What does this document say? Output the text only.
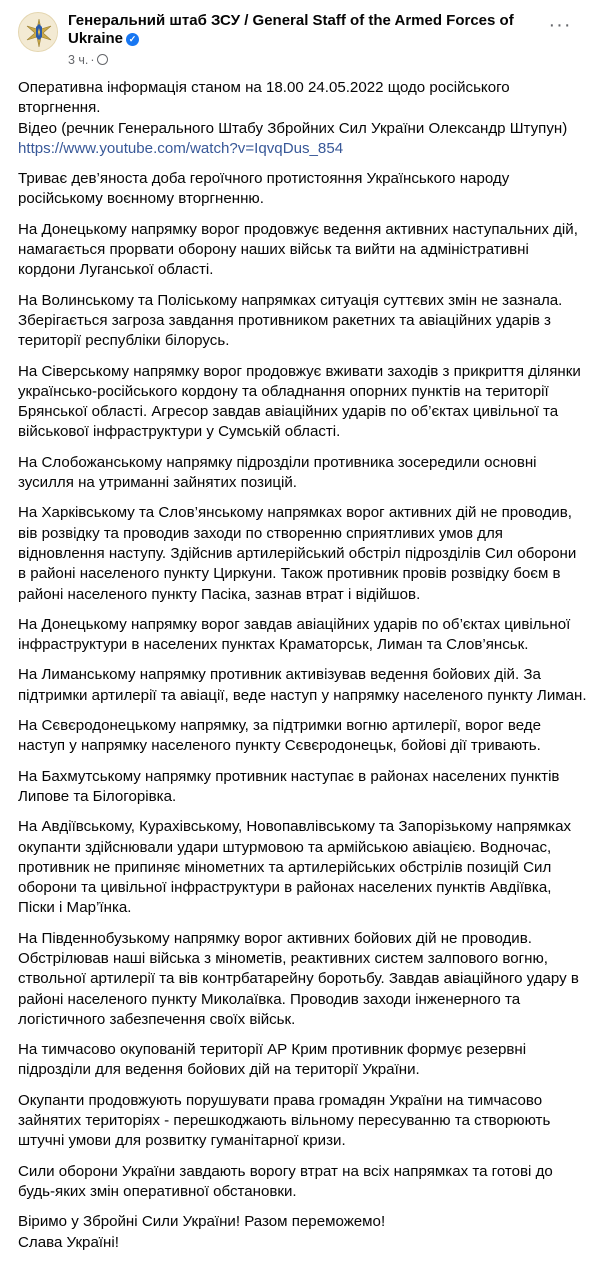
Генеральний штаб ЗСУ / General Staff of the Armed Forces of Ukraine ✓
3 ч. ·
···

Оперативна інформація станом на 18.00 24.05.2022 щодо російського вторгнення.
Відео (речник Генерального Штабу Збройних Сил України Олександр Штупун)
https://www.youtube.com/watch?v=IqvqDus_854

Триває дев’яноста доба героїчного протистояння Українського народу російському воєнному вторгненню.

На Донецькому напрямку ворог продовжує ведення активних наступальних дій, намагається прорвати оборону наших військ та вийти на адміністративні кордони Луганської області.

На Волинському та Поліському напрямках ситуація суттєвих змін не зазнала. Зберігається загроза завдання противником ракетних та авіаційних ударів з території республіки білорусь.

На Сіверському напрямку ворог продовжує вживати заходів з прикриття ділянки українсько-російського кордону та обладнання опорних пунктів на території Брянської області. Агресор завдав авіаційних ударів по об’єктах цивільної та військової інфраструктури у Сумській області.

На Слобожанському напрямку підрозділи противника зосередили основні зусилля на утриманні зайнятих позицій.

На Харківському та Слов’янському напрямках ворог активних дій не проводив, вів розвідку та проводив заходи по створенню сприятливих умов для відновлення наступу. Здійснив артилерійський обстріл підрозділів Сил оборони в районі населеного пункту Циркуни. Також противник провів розвідку боєм в районі населеного пункту Пасіка, зазнав втрат і відійшов.

На Донецькому напрямку ворог завдав авіаційних ударів по об’єктах цивільної інфраструктури в населених пунктах Краматорськ, Лиман та Слов’янськ.

На Лиманському напрямку противник активізував ведення бойових дій. За підтримки артилерії та авіації, веде наступ у напрямку населеного пункту Лиман.

На Сєвєродонецькому напрямку, за підтримки вогню артилерії, ворог веде наступ у напрямку населеного пункту Сєвєродонецьк, бойові дії тривають.

На Бахмутському напрямку противник наступає в районах населених пунктів Липове та Білогорівка.

На Авдіївському, Курахівському, Новопавлівському та Запорізькому напрямках окупанти здійснювали удари штурмовою та армійською авіацією. Водночас, противник не припиняє мінометних та артилерійських обстрілів позицій Сил оборони та цивільної інфраструктури в районах населених пунктів Авдіївка, Піски і Мар’їнка.

На Південнобузькому напрямку ворог активних бойових дій не проводив. Обстрілював наші війська з мінометів, реактивних систем залпового вогню, ствольної артилерії та вів контрбатарейну боротьбу. Завдав авіаційного удару в районі населеного пункту Миколаївка. Проводив заходи інженерного та логістичного забезпечення своїх військ.

На тимчасово окупованій території АР Крим противник формує резервні підрозділи для ведення бойових дій на території України.

Окупанти продовжують порушувати права громадян України на тимчасово зайнятих територіях - перешкоджають вільному пересуванню та створюють штучні умови для розвитку гуманітарної кризи.

Сили оборони України завдають ворогу втрат на всіх напрямках та готові до будь-яких змін оперативної обстановки.

Віримо у Збройні Сили України! Разом переможемо!
Слава Україні!
